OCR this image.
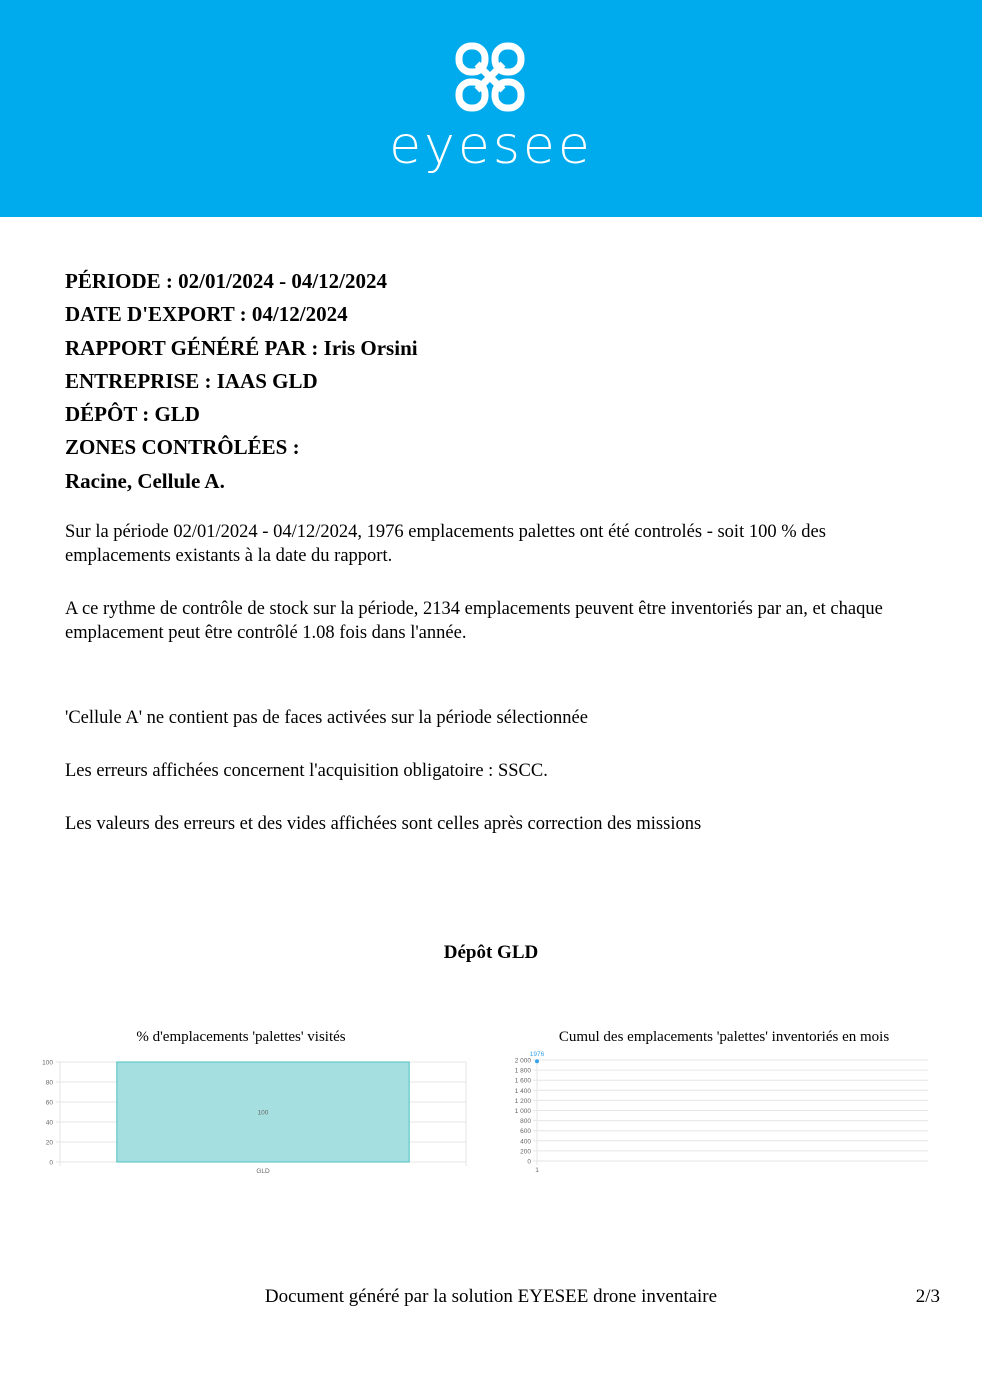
eyesee
PÉRIODE : 02/01/2024 - 04/12/2024
DATE D'EXPORT : 04/12/2024
RAPPORT GÉNÉRÉ PAR : Iris Orsini
ENTREPRISE : IAAS GLD
DÉPÔT : GLD
ZONES CONTRÔLÉES :
Racine, Cellule A.
Sur la période 02/01/2024 - 04/12/2024, 1976 emplacements palettes ont été controlés - soit 100 % des emplacements existants à la date du rapport.
A ce rythme de contrôle de stock sur la période, 2134 emplacements peuvent être inventoriés par an, et chaque emplacement peut être contrôlé 1.08 fois dans l'année.
'Cellule A' ne contient pas de faces activées sur la période sélectionnée
Les erreurs affichées concernent l'acquisition obligatoire : SSCC.
Les valeurs des erreurs et des vides affichées sont celles après correction des missions
Dépôt GLD
% d'emplacements 'palettes' visités	Cumul des emplacements 'palettes' inventoriés en mois
0
20
40
60
80
100
100
GLD
0
200
400
600
800
1 000
1 200
1 400
1 600
1 800
2 000
1976
1
Document généré par la solution EYESEE drone inventaire	2/3
